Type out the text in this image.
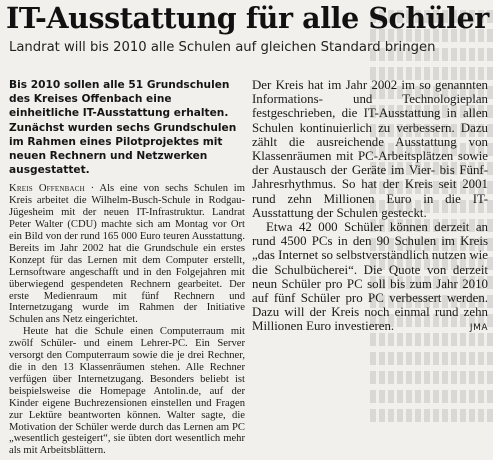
IT-Ausstattung für alle Schüler
Landrat will bis 2010 alle Schulen auf gleichen Standard bringen
Bis 2010 sollen alle 51 Grundschulen des Kreises Offenbach eine einheitliche IT-Ausstattung erhalten. Zunächst wurden sechs Grundschulen im Rahmen eines Pilotprojektes mit neuen Rechnern und Netzwerken ausgestattet.

Kreis Offenbach · Als eine von sechs Schulen im Kreis arbeitet die Wilhelm-Busch-Schule in Rodgau-Jügesheim mit der neuen IT-Infrastruktur. Landrat Peter Walter (CDU) machte sich am Montag vor Ort ein Bild von der rund 165 000 Euro teuren Ausstattung. Bereits im Jahr 2002 hat die Grundschule ein erstes Konzept für das Lernen mit dem Computer erstellt, Lernsoftware angeschafft und in den Folgejahren mit überwiegend gespendeten Rechnern gearbeitet. Der erste Medienraum mit fünf Rechnern und Internetzugang wurde im Rahmen der Initiative Schulen ans Netz eingerichtet.

Heute hat die Schule einen Computerraum mit zwölf Schüler- und einem Lehrer-PC. Ein Server versorgt den Computerraum sowie die je drei Rechner, die in den 13 Klassenräumen stehen. Alle Rechner verfügen über Internetzugang. Besonders beliebt ist beispielsweise die Homepage Antolin.de, auf der Kinder eigene Buchrezensionen einstellen und Fragen zur Lektüre beantworten können. Walter sagte, die Motivation der Schüler werde durch das Lernen am PC „wesentlich gesteigert“, sie übten dort wesentlich mehr als mit Arbeitsblättern.

Der Kreis hat im Jahr 2002 im so genannten Informations- und Technologieplan festgeschrieben, die IT-Ausstattung in allen Schulen kontinuierlich zu verbessern. Dazu zählt die ausreichende Ausstattung von Klassenräumen mit PC-Arbeitsplätzen sowie der Austausch der Geräte im Vier- bis Fünf-Jahresrhythmus. So hat der Kreis seit 2001 rund zehn Millionen Euro in die IT-Ausstattung der Schulen gesteckt.

Etwa 42 000 Schüler können derzeit an rund 4500 PCs in den 90 Schulen im Kreis „das Internet so selbstverständlich nutzen wie die Schulbücherei“. Die Quote von derzeit neun Schüler pro PC soll bis zum Jahr 2010 auf fünf Schüler pro PC verbessert werden. Dazu will der Kreis noch einmal rund zehn Millionen Euro investieren.	JMA
